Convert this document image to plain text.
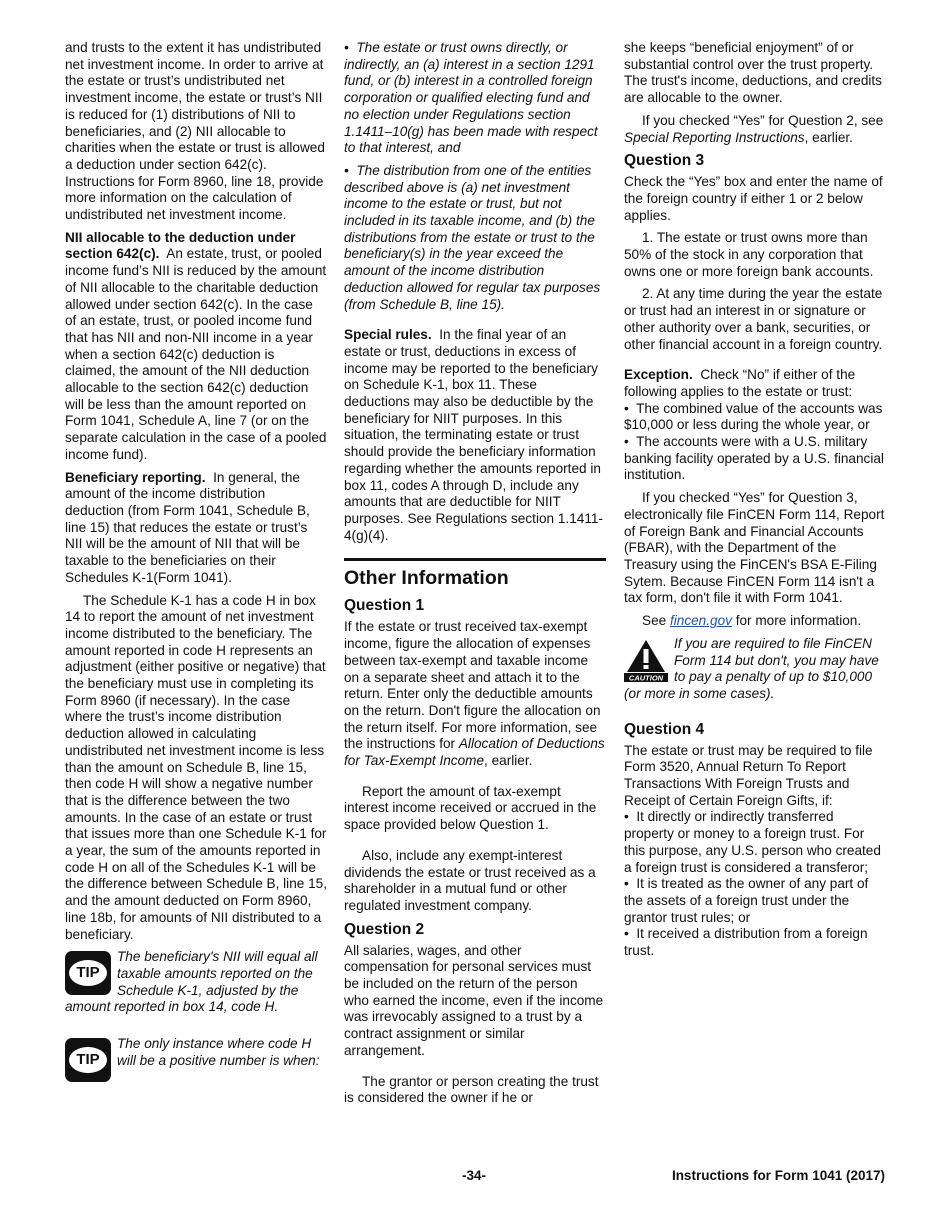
and trusts to the extent it has undistributed net investment income. In order to arrive at the estate or trust’s undistributed net investment income, the estate or trust’s NII is reduced for (1) distributions of NII to beneficiaries, and (2) NII allocable to charities when the estate or trust is allowed a deduction under section 642(c). Instructions for Form 8960, line 18, provide more information on the calculation of undistributed net investment income.

NII allocable to the deduction under section 642(c). An estate, trust, or pooled income fund’s NII is reduced by the amount of NII allocable to the charitable deduction allowed under section 642(c). In the case of an estate, trust, or pooled income fund that has NII and non-NII income in a year when a section 642(c) deduction is claimed, the amount of the NII deduction allocable to the section 642(c) deduction will be less than the amount reported on Form 1041, Schedule A, line 7 (or on the separate calculation in the case of a pooled income fund).

Beneficiary reporting. In general, the amount of the income distribution deduction (from Form 1041, Schedule B, line 15) that reduces the estate or trust’s NII will be the amount of NII that will be taxable to the beneficiaries on their Schedules K-1(Form 1041).

The Schedule K-1 has a code H in box 14 to report the amount of net investment income distributed to the beneficiary. The amount reported in code H represents an adjustment (either positive or negative) that the beneficiary must use in completing its Form 8960 (if necessary). In the case where the trust’s income distribution deduction allowed in calculating undistributed net investment income is less than the amount on Schedule B, line 15, then code H will show a negative number that is the difference between the two amounts. In the case of an estate or trust that issues more than one Schedule K-1 for a year, the sum of the amounts reported in code H on all of the Schedules K-1 will be the difference between Schedule B, line 15, and the amount deducted on Form 8960, line 18b, for amounts of NII distributed to a beneficiary.

TIP
The beneficiary's NII will equal all taxable amounts reported on the Schedule K-1, adjusted by the amount reported in box 14, code H.
TIP
The only instance where code H will be a positive number is when:

•  The estate or trust owns directly, or indirectly, an (a) interest in a section 1291 fund, or (b) interest in a controlled foreign corporation or qualified electing fund and no election under Regulations section 1.1411–10(g) has been made with respect to that interest, and

•  The distribution from one of the entities described above is (a) net investment income to the estate or trust, but not included in its taxable income, and (b) the distributions from the estate or trust to the beneficiary(s) in the year exceed the amount of the income distribution deduction allowed for regular tax purposes (from Schedule B, line 15).

Special rules. In the final year of an estate or trust, deductions in excess of income may be reported to the beneficiary on Schedule K-1, box 11. These deductions may also be deductible by the beneficiary for NIIT purposes. In this situation, the terminating estate or trust should provide the beneficiary information regarding whether the amounts reported in box 11, codes A through D, include any amounts that are deductible for NIIT purposes. See Regulations section 1.1411-4(g)(4).

Other Information
Question 1

If the estate or trust received tax-exempt income, figure the allocation of expenses between tax-exempt and taxable income on a separate sheet and attach it to the return. Enter only the deductible amounts on the return. Don't figure the allocation on the return itself. For more information, see the instructions for Allocation of Deductions for Tax-Exempt Income, earlier.

Report the amount of tax-exempt interest income received or accrued in the space provided below Question 1.

Also, include any exempt-interest dividends the estate or trust received as a shareholder in a mutual fund or other regulated investment company.

Question 2

All salaries, wages, and other compensation for personal services must be included on the return of the person who earned the income, even if the income was irrevocably assigned to a trust by a contract assignment or similar arrangement.

The grantor or person creating the trust is considered the owner if he or

she keeps “beneficial enjoyment” of or substantial control over the trust property. The trust's income, deductions, and credits are allocable to the owner.

If you checked “Yes” for Question 2, see Special Reporting Instructions, earlier.

Question 3

Check the “Yes” box and enter the name of the foreign country if either 1 or 2 below applies.

1. The estate or trust owns more than 50% of the stock in any corporation that owns one or more foreign bank accounts.

2. At any time during the year the estate or trust had an interest in or signature or other authority over a bank, securities, or other financial account in a foreign country.

Exception. Check “No” if either of the following applies to the estate or trust:

•  The combined value of the accounts was $10,000 or less during the whole year, or

•  The accounts were with a U.S. military banking facility operated by a U.S. financial institution.

If you checked “Yes” for Question 3, electronically file FinCEN Form 114, Report of Foreign Bank and Financial Accounts (FBAR), with the Department of the Treasury using the FinCEN's BSA E-Filing Sytem. Because FinCEN Form 114 isn't a tax form, don't file it with Form 1041.

See fincen.gov for more information.

CAUTION
If you are required to file FinCEN Form 114 but don't, you may have to pay a penalty of up to $10,000 (or more in some cases).
Question 4

The estate or trust may be required to file Form 3520, Annual Return To Report Transactions With Foreign Trusts and Receipt of Certain Foreign Gifts, if:

•  It directly or indirectly transferred property or money to a foreign trust. For this purpose, any U.S. person who created a foreign trust is considered a transferor;

•  It is treated as the owner of any part of the assets of a foreign trust under the grantor trust rules; or

•  It received a distribution from a foreign trust.

-34-	Instructions for Form 1041 (2017)
